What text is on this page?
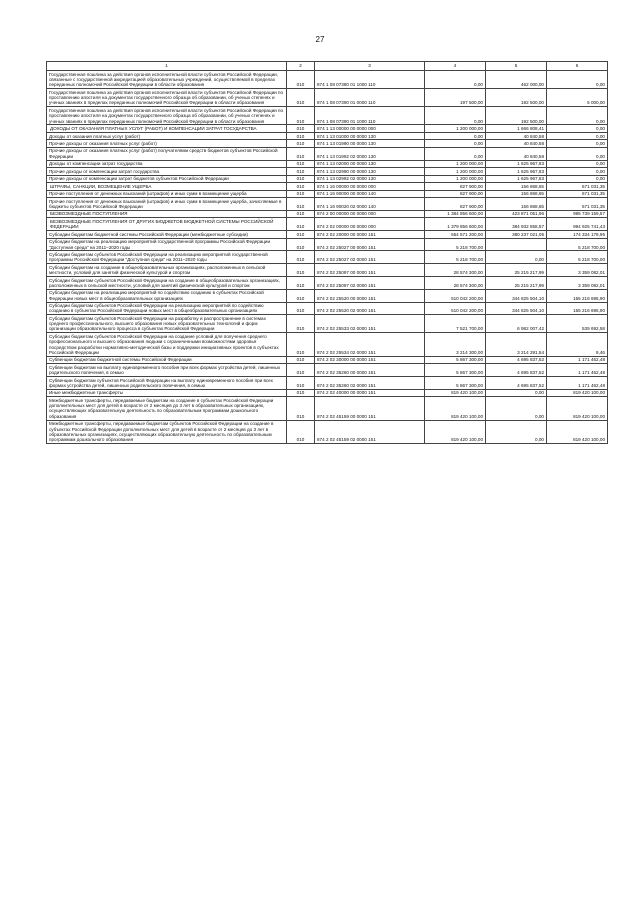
27
1	2	3	4	5	6
Государственная пошлина за действия органов исполнительной власти субъектов Российской Федерации, связанные с государственной аккредитацией образовательных учреждений, осуществляемой в пределах переданных полномочий Российской Федерации в области образования	010	874 1 08 07380 01 1000 110	0,00	462 000,00	0,00
Государственная пошлина за действия органов исполнительной власти субъектов Российской Федерации по проставлению апостиля на документах государственного образца об образовании, об ученых степенях и ученых званиях в пределах переданных полномочий Российской Федерации в области образования	010	874 1 08 07390 01 0000 110	197 500,00	192 500,00	5 000,00
Государственная пошлина за действия органов исполнительной власти субъектов Российской Федерации по проставлению апостиля на документах государственного образца об образовании, об ученых степенях и ученых званиях в пределах переданных полномочий Российской Федерации в области образования	010	874 1 08 07390 01 1000 110	0,00	192 500,00	0,00
ДОХОДЫ ОТ ОКАЗАНИЯ ПЛАТНЫХ УСЛУГ (РАБОТ) И КОМПЕНСАЦИИ ЗАТРАТ ГОСУДАРСТВА	010	874 1 13 00000 00 0000 000	1 200 000,00	1 666 808,41	0,00
Доходы от оказания платных услуг (работ)	010	874 1 13 01000 00 0000 130	0,00	40 840,58	0,00
Прочие доходы от оказания платных услуг (работ)	010	874 1 13 01990 00 0000 130	0,00	40 840,58	0,00
Прочие доходы от оказания платных услуг (работ) получателями средств бюджетов субъектов Российской Федерации	010	874 1 13 01992 02 0000 130	0,00	40 840,58	0,00
Доходы от компенсации затрат государства	010	874 1 13 02000 00 0000 130	1 200 000,00	1 625 967,83	0,00
Прочие доходы от компенсации затрат государства	010	874 1 13 02990 00 0000 130	1 200 000,00	1 625 967,83	0,00
Прочие доходы от компенсации затрат бюджетов субъектов Российской Федерации	010	874 1 13 02992 02 0000 130	1 200 000,00	1 625 967,83	0,00
ШТРАФЫ, САНКЦИИ, ВОЗМЕЩЕНИЕ УЩЕРБА	010	874 1 16 00000 00 0000 000	827 900,00	156 868,65	671 031,35
Прочие поступления от денежных взысканий (штрафов) и иных сумм в возмещение ущерба	010	874 1 16 90000 00 0000 140	827 900,00	156 868,65	671 031,35
Прочие поступления от денежных взысканий (штрафов) и иных сумм в возмещение ущерба, зачисляемые в бюджеты субъектов Российской Федерации	010	874 1 16 90020 02 0000 140	827 900,00	156 868,65	671 031,35
БЕЗВОЗМЕЗДНЫЕ ПОСТУПЛЕНИЯ	010	874 2 00 00000 00 0000 000	1 384 856 600,00	423 871 051,96	995 739 159,57
БЕЗВОЗМЕЗДНЫЕ ПОСТУПЛЕНИЯ ОТ ДРУГИХ БЮДЖЕТОВ БЮДЖЕТНОЙ СИСТЕМЫ РОССИЙСКОЙ ФЕДЕРАЦИИ	010	874 2 02 00000 00 0000 000	1 379 856 600,00	384 932 858,57	994 925 741,43
Субсидии бюджетам бюджетной системы Российской Федерации (межбюджетные субсидии)	010	874 2 02 20000 00 0000 151	554 571 200,00	380 237 021,05	174 334 178,95
Субсидии бюджетам на реализацию мероприятий государственной программы Российской Федерации "Доступная среда" на 2011–2020 годы	010	874 2 02 25027 00 0000 151	5 218 700,00		5 218 700,00
Субсидии бюджетам субъектов Российской Федерации на реализацию мероприятий государственной программы Российской Федерации "Доступная среда" на 2011–2020 годы	010	874 2 02 25027 02 0000 151	5 218 700,00	0,00	5 218 700,00
Субсидии бюджетам на создание в общеобразовательных организациях, расположенных в сельской местности, условий для занятий физической культурой и спортом	010	874 2 02 25097 00 0000 151	28 574 300,00	25 215 217,99	3 359 082,01
Субсидии бюджетам субъектов Российской Федерации на создание в общеобразовательных организациях, расположенных в сельской местности, условий для занятий физической культурой и спортом	010	874 2 02 25097 02 0000 151	28 574 300,00	25 215 217,99	3 359 082,01
Субсидии бюджетам на реализацию мероприятий по содействию созданию в субъектах Российской Федерации новых мест в общеобразовательных организациях	010	874 2 02 25520 00 0000 151	510 042 200,00	344 825 504,10	165 216 695,90
Субсидии бюджетам субъектов Российской Федерации на реализацию мероприятий по содействию созданию в субъектах Российской Федерации новых мест в общеобразовательных организациях	010	874 2 02 25520 02 0000 151	510 042 200,00	344 825 504,10	165 216 695,90
Субсидии бюджетам субъектов Российской Федерации на разработку и распространение в системах среднего профессионального, высшего образования новых образовательных технологий и форм организации образовательного процесса в субъектах Российской Федерации	010	874 2 02 25533 02 0000 151	7 521 700,00	6 982 007,42	539 692,58
Субсидии бюджетам субъектов Российской Федерации на создание условий для получения среднего профессионального и высшего образования людьми с ограниченными возможностями здоровья посредством разработки нормативно-методической базы и поддержки инициативных проектов в субъектах Российской Федерации	010	874 2 02 25534 02 0000 151	3 214 300,00	3 214 291,54	8,46
Субвенции бюджетам бюджетной системы Российской Федерации	010	874 2 02 30000 00 0000 151	5 867 300,00	4 695 837,52	1 171 462,48
Субвенции бюджетам на выплату единовременного пособия при всех формах устройства детей, лишенных родительского попечения, в семью	010	874 2 02 35260 00 0000 151	5 867 300,00	4 695 837,52	1 171 462,48
Субвенции бюджетам субъектов Российской Федерации на выплату единовременного пособия при всех формах устройства детей, лишенных родительского попечения, в семью	010	874 2 02 35260 02 0000 151	5 867 300,00	4 695 837,52	1 171 462,48
Иные межбюджетные трансферты	010	874 2 02 40000 00 0000 151	819 420 100,00	0,00	819 420 100,00
Межбюджетные трансферты, передаваемые бюджетам на создание в субъектах Российской Федерации дополнительных мест для детей в возрасте от 2 месяцев до 3 лет в образовательных организациях, осуществляющих образовательную деятельность по образовательным программам дошкольного образования	010	874 2 02 45159 00 0000 151	819 420 100,00	0,00	819 420 100,00
Межбюджетные трансферты, передаваемые бюджетам субъектов Российской Федерации на создание в субъектах Российской Федерации дополнительных мест для детей в возрасте от 2 месяцев до 3 лет в образовательных организациях, осуществляющих образовательную деятельность по образовательным программам дошкольного образования	010	874 2 02 45159 02 0000 151	819 420 100,00	0,00	819 420 100,00
